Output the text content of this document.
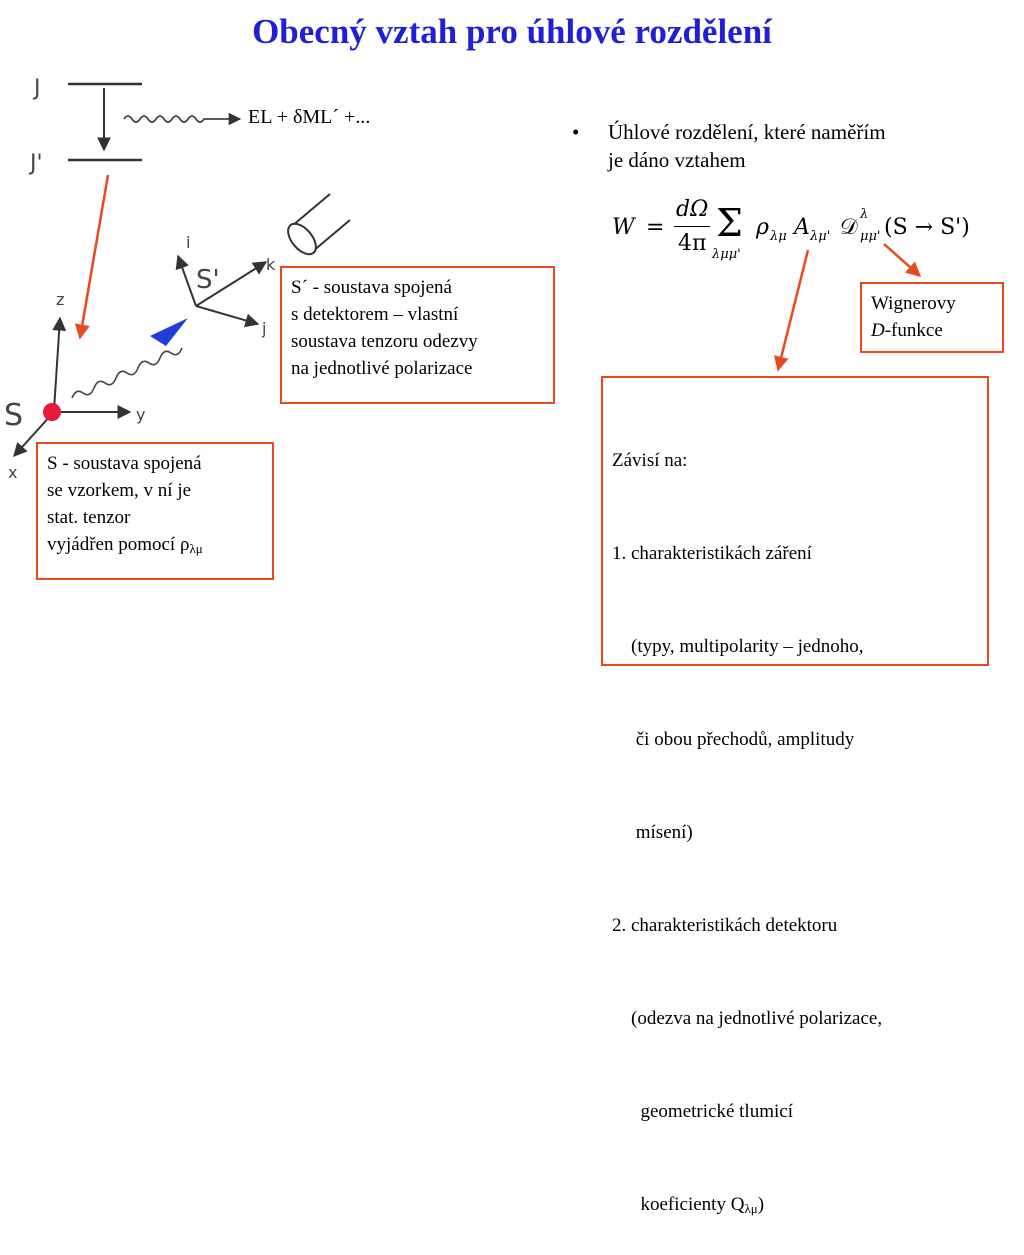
Obecný vztah pro úhlové rozdělení
J
J'
S
z
y
x
S'
i
k
j
EL + δML´ +...
S´ - soustava spojená
s detektorem – vlastní
soustava tenzoru odezvy
na jednotlivé polarizace
S - soustava spojená
se vzorkem, v ní je
stat. tenzor
vyjádřen pomocí $\rho_{\lambda\mu}$
• Úhlové rozdělení, které naměřím
je dáno vztahem
W =
dΩ
4π Σ
λμμ'
ρ λμ A λμ' 𝒟
λ
μμ' (S → S')
Wignerovy
D-funkce

Závisí na:

1. charakteristikách záření

(typy, multipolarity – jednoho,

či obou přechodů, amplitudy

mísení)

2. charakteristikách detektoru

(odezva na jednotlivé polarizace,

geometrické tlumicí

koeficienty $Q_{\lambda\mu}$)
